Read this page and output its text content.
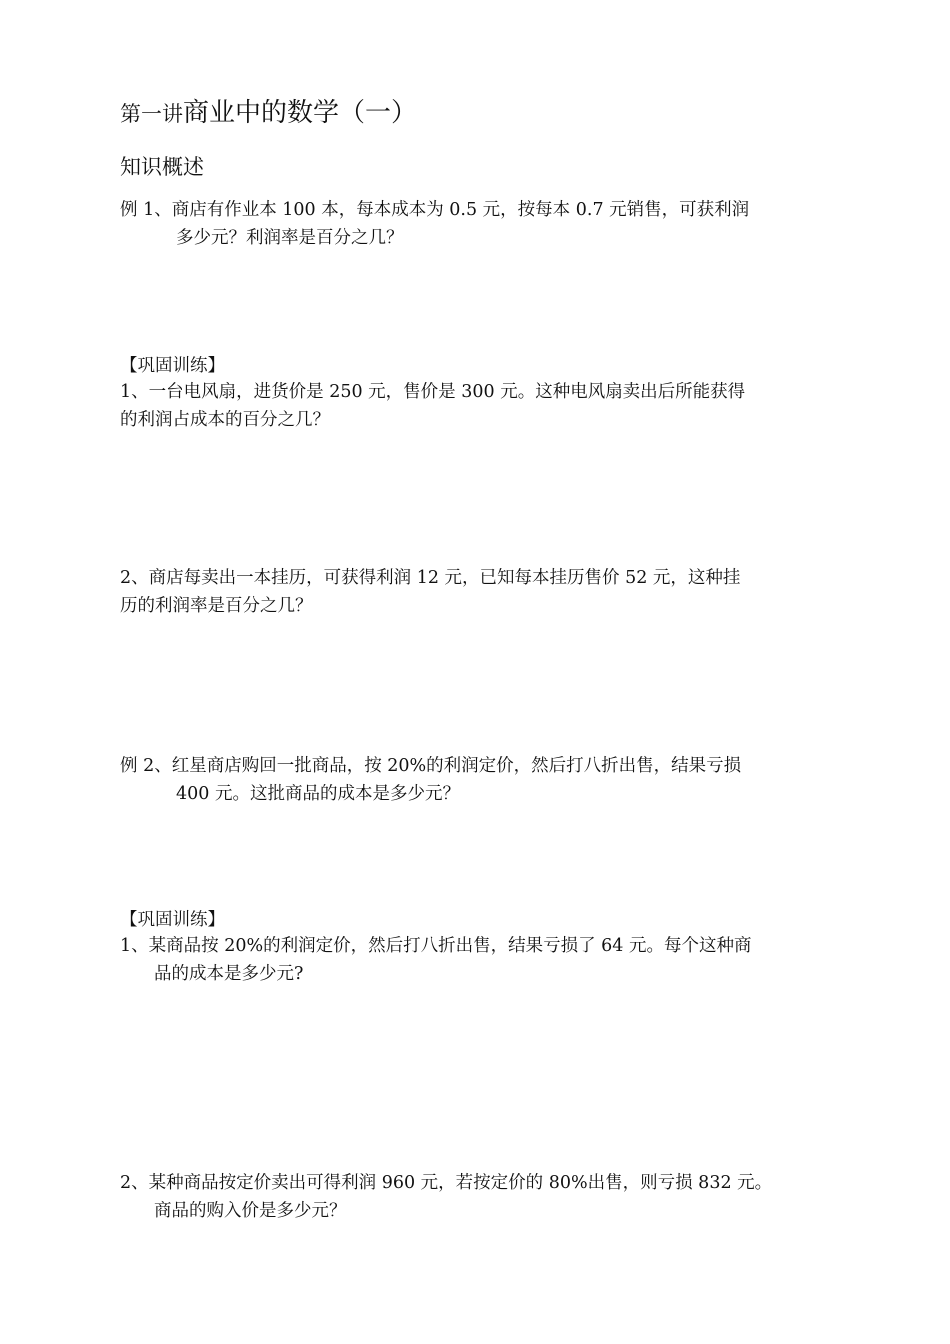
第一讲商业中的数学（一）
知识概述
例 1、商店有作业本 100 本，每本成本为 0.5 元，按每本 0.7 元销售，可获利润
多少元？利润率是百分之几？
【巩固训练】
1、一台电风扇，进货价是 250 元，售价是 300 元。这种电风扇卖出后所能获得
的利润占成本的百分之几？
2、商店每卖出一本挂历，可获得利润 12 元，已知每本挂历售价 52 元，这种挂
历的利润率是百分之几？
例 2、红星商店购回一批商品，按 20%的利润定价，然后打八折出售，结果亏损
400 元。这批商品的成本是多少元？
【巩固训练】
1、某商品按 20%的利润定价，然后打八折出售，结果亏损了 64 元。每个这种商
品的成本是多少元?
2、某种商品按定价卖出可得利润 960 元，若按定价的 80%出售，则亏损 832 元。
商品的购入价是多少元？
